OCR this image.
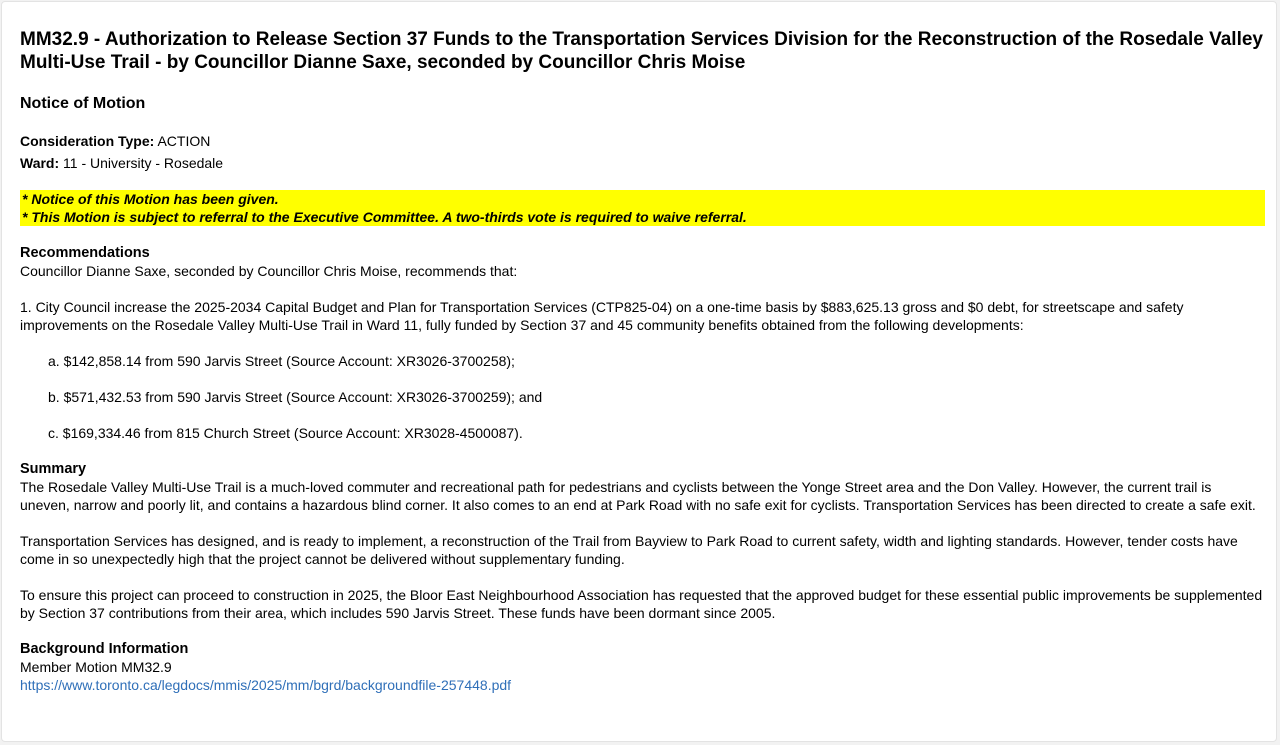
MM32.9 - Authorization to Release Section 37 Funds to the Transportation Services Division for the Reconstruction of the Rosedale Valley Multi-Use Trail - by Councillor Dianne Saxe, seconded by Councillor Chris Moise
Notice of Motion
Consideration Type: ACTION
Ward: 11 - University - Rosedale
* Notice of this Motion has been given.
* This Motion is subject to referral to the Executive Committee. A two-thirds vote is required to waive referral.
Recommendations

Councillor Dianne Saxe, seconded by Councillor Chris Moise, recommends that:

1. City Council increase the 2025-2034 Capital Budget and Plan for Transportation Services (CTP825-04) on a one-time basis by $883,625.13 gross and $0 debt, for streetscape and safety improvements on the Rosedale Valley Multi-Use Trail in Ward 11, fully funded by Section 37 and 45 community benefits obtained from the following developments:

a. $142,858.14 from 590 Jarvis Street (Source Account: XR3026-3700258);

b. $571,432.53 from 590 Jarvis Street (Source Account: XR3026-3700259); and

c. $169,334.46 from 815 Church Street (Source Account: XR3028-4500087).

Summary

The Rosedale Valley Multi-Use Trail is a much-loved commuter and recreational path for pedestrians and cyclists between the Yonge Street area and the Don Valley. However, the current trail is uneven, narrow and poorly lit, and contains a hazardous blind corner. It also comes to an end at Park Road with no safe exit for cyclists. Transportation Services has been directed to create a safe exit.

Transportation Services has designed, and is ready to implement, a reconstruction of the Trail from Bayview to Park Road to current safety, width and lighting standards. However, tender costs have come in so unexpectedly high that the project cannot be delivered without supplementary funding.

To ensure this project can proceed to construction in 2025, the Bloor East Neighbourhood Association has requested that the approved budget for these essential public improvements be supplemented by Section 37 contributions from their area, which includes 590 Jarvis Street. These funds have been dormant since 2005.

Background Information

Member Motion MM32.9

https://www.toronto.ca/legdocs/mmis/2025/mm/bgrd/backgroundfile-257448.pdf
